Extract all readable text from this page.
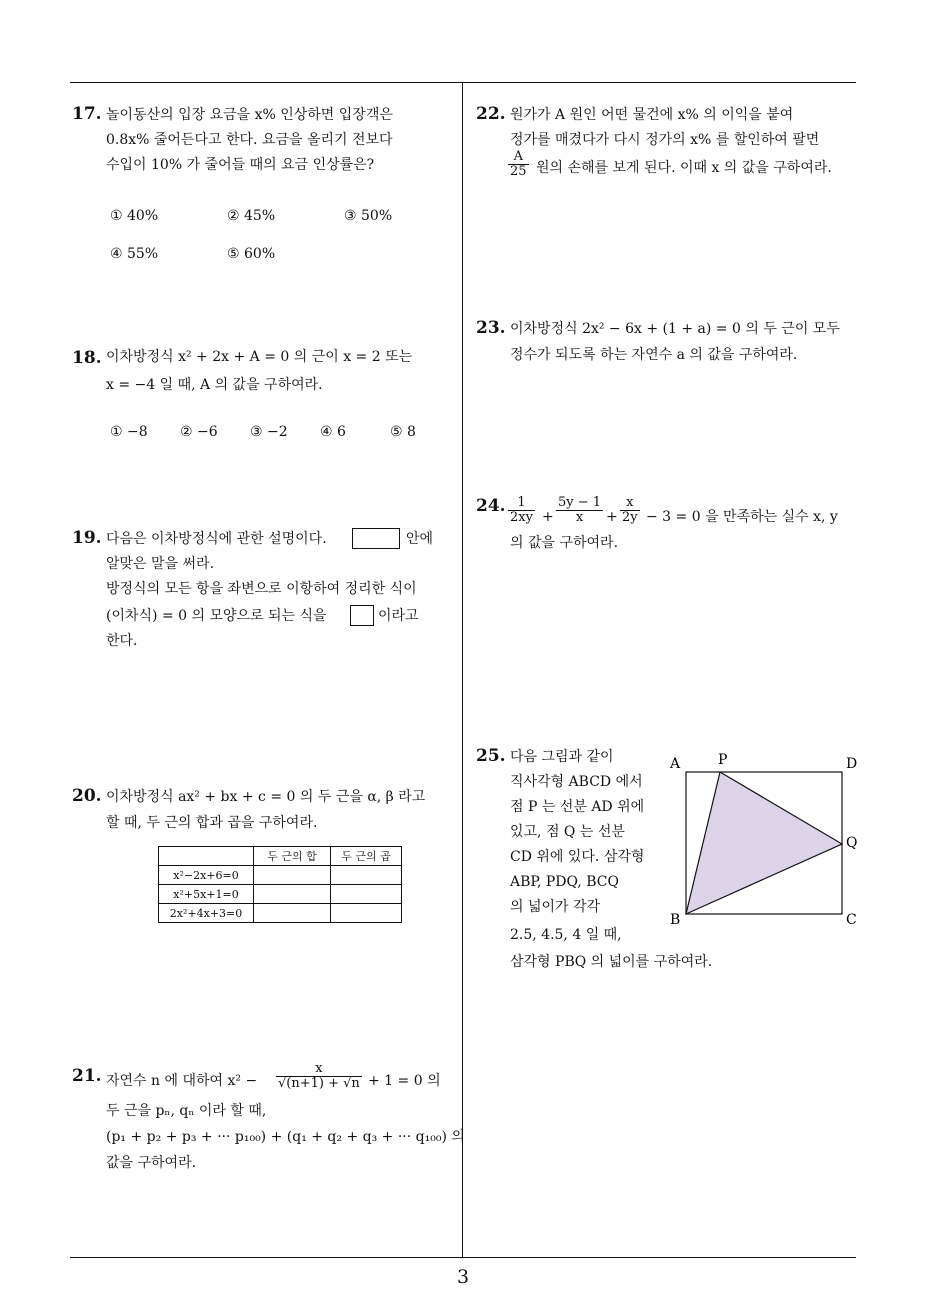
17. 놀이동산의 입장 요금을 x% 인상하면 입장객은
0.8x% 줄어든다고 한다. 요금을 올리기 전보다
수입이 10% 가 줄어들 때의 요금 인상률은?
① 40%	② 45%	③ 50%
④ 55%	⑤ 60%
18. 이차방정식 x² + 2x + A = 0 의 근이 x = 2 또는
x = −4 일 때, A 의 값을 구하여라.
① −8 ② −6 ③ −2 ④ 6	⑤ 8
19. 다음은 이차방정식에 관한 설명이다.	안에
알맞은 말을 써라.
방정식의 모든 항을 좌변으로 이항하여 정리한 식이
(이차식) = 0 의 모양으로 되는 식을	이라고
한다.
20. 이차방정식 ax² + bx + c = 0 의 두 근을 α, β 라고
할 때, 두 근의 합과 곱을 구하여라.
	두 근의 합	두 근의 곱
x²−2x+6=0		
x²+5x+1=0		
2x²+4x+3=0		
21. 자연수 n 에 대하여 $x^2 - \frac{x}{√(n+1) + √n} + 1 = 0$ 의
두 근을 pₙ, qₙ 이라 할 때,
(p₁ + p₂ + p₃ + ··· p₁₀₀) + (q₁ + q₂ + q₃ + ··· q₁₀₀) 의
값을 구하여라.
22. 원가가 A 원인 어떤 물건에 x% 의 이익을 붙여
정가를 매겼다가 다시 정가의 x% 를 할인하여 팔면
$\frac{A}{25}$ 원의 손해를 보게 된다. 이때 x 의 값을 구하여라.
23. 이차방정식 2x² − 6x + (1 + a) = 0 의 두 근이 모두
정수가 되도록 하는 자연수 a 의 값을 구하여라.
24. $\frac{1}{2xy} + \frac{5y - 1}{x} + \frac{x}{2y} - 3 = 0$ 을 만족하는 실수 x, y
의 값을 구하여라.
25. 다음 그림과 같이
직사각형 ABCD 에서
점 P 는 선분 AD 위에
있고, 점 Q 는 선분
CD 위에 있다. 삼각형
ABP, PDQ, BCQ
의 넓이가 각각
2.5, 4.5, 4 일 때,
삼각형 PBQ 의 넓이를 구하여라.
A	P	D
Q
B	C
3
